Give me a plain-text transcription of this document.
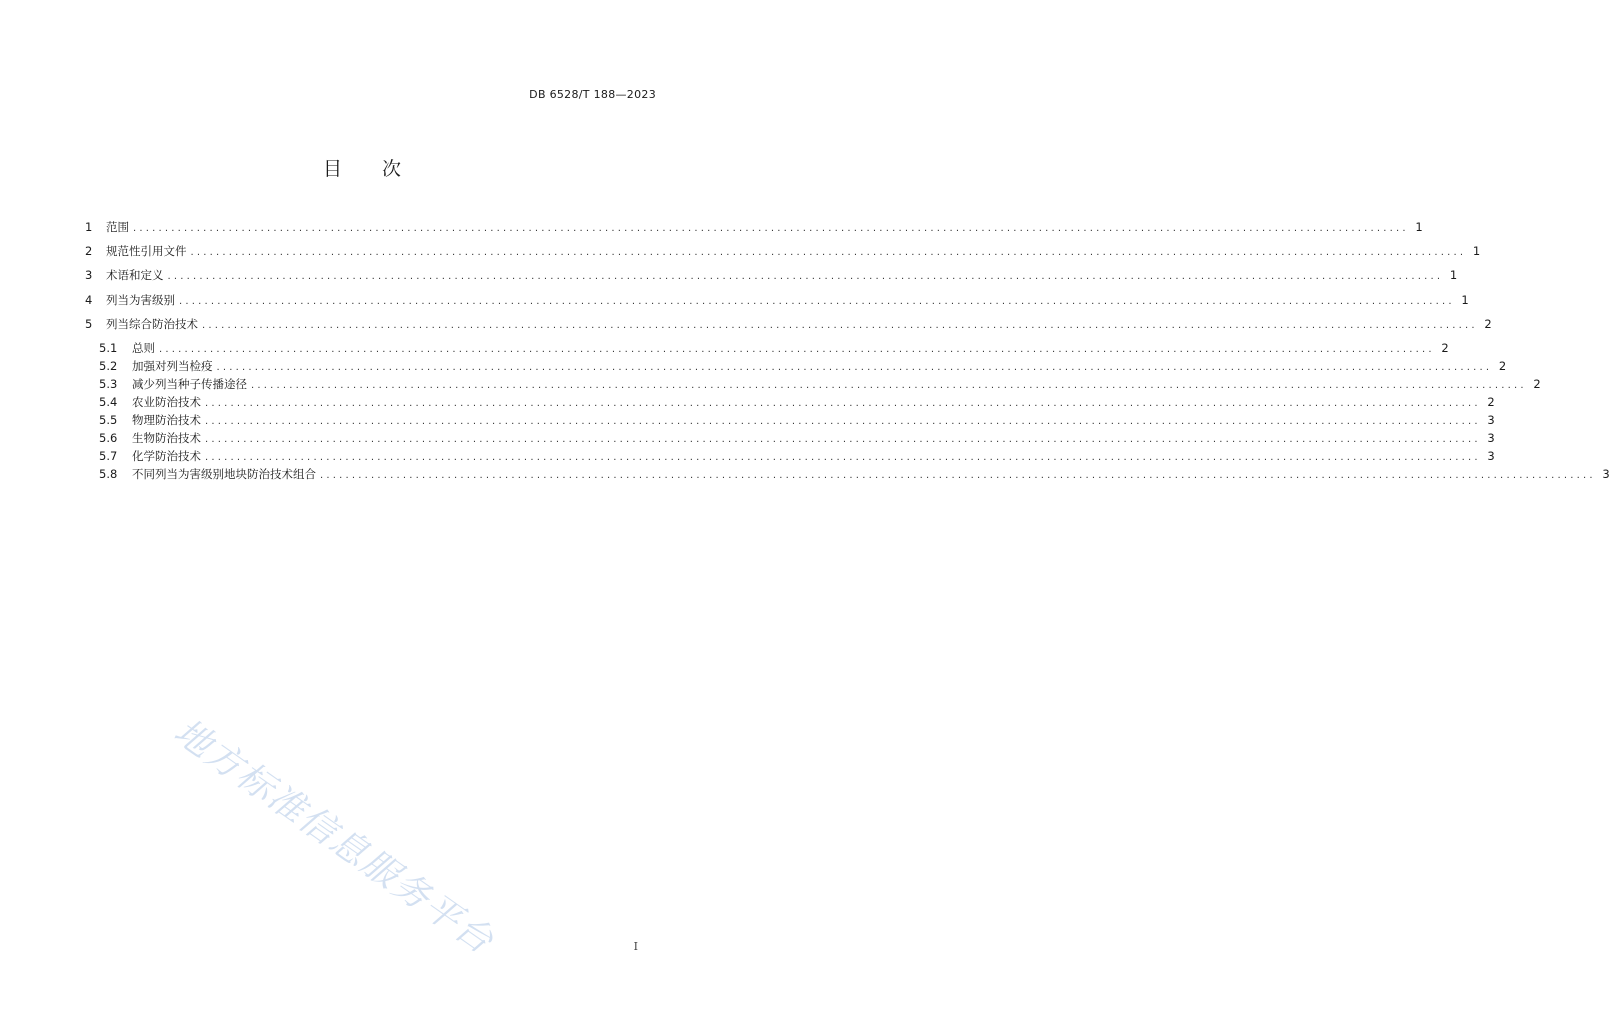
DB 6528/T 188—2023
目 次
1	范围 ........................................................................................................................................................................................................ 1
2	规范性引用文件 ........................................................................................................................................................................................................ 1
3	术语和定义 ........................................................................................................................................................................................................ 1
4	列当为害级别 ........................................................................................................................................................................................................ 1
5	列当综合防治技术 ........................................................................................................................................................................................................ 2
5.1	总则 ........................................................................................................................................................................................................ 2
5.2	加强对列当检疫 ........................................................................................................................................................................................................ 2
5.3	减少列当种子传播途径 ........................................................................................................................................................................................................ 2
5.4	农业防治技术 ........................................................................................................................................................................................................ 2
5.5	物理防治技术 ........................................................................................................................................................................................................ 3
5.6	生物防治技术 ........................................................................................................................................................................................................ 3
5.7	化学防治技术 ........................................................................................................................................................................................................ 3
5.8	不同列当为害级别地块防治技术组合 ........................................................................................................................................................................................................ 3
地方标准信息服务平台	I
